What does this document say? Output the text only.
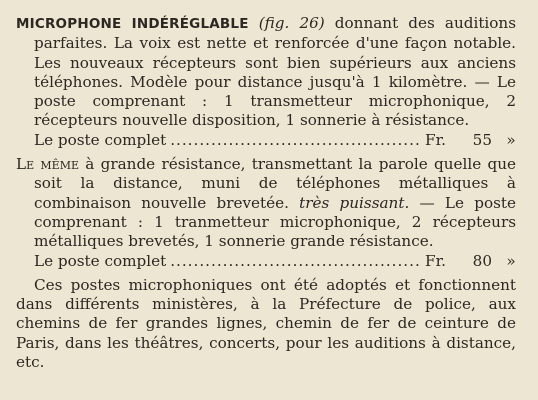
MICROPHONE INDÉRÉGLABLE (fig. 26) donnant des auditions parfaites. La voix est nette et renforcée d'une façon notable. Les nouveaux récepteurs sont bien supérieurs aux anciens téléphones. Modèle pour distance jusqu'à 1 kilomètre. — Le poste comprenant : 1 transmetteur microphonique, 2 récepteurs nouvelle disposition, 1 sonnerie à résistance.

Le poste complet .....	Fr.	55 »

Le même à grande résistance, transmettant la parole quelle que soit la distance, muni de téléphones métalliques à combinaison nouvelle brevetée. très puissant. — Le poste comprenant : 1 tranmetteur microphonique, 2 récepteurs métalliques brevetés, 1 sonnerie grande résistance.

Le poste complet .....	Fr.	80 »

Ces postes microphoniques ont été adoptés et fonctionnent dans différents ministères, à la Préfecture de police, aux chemins de fer grandes lignes, chemin de fer de ceinture de Paris, dans les théâtres, concerts, pour les auditions à distance, etc.
